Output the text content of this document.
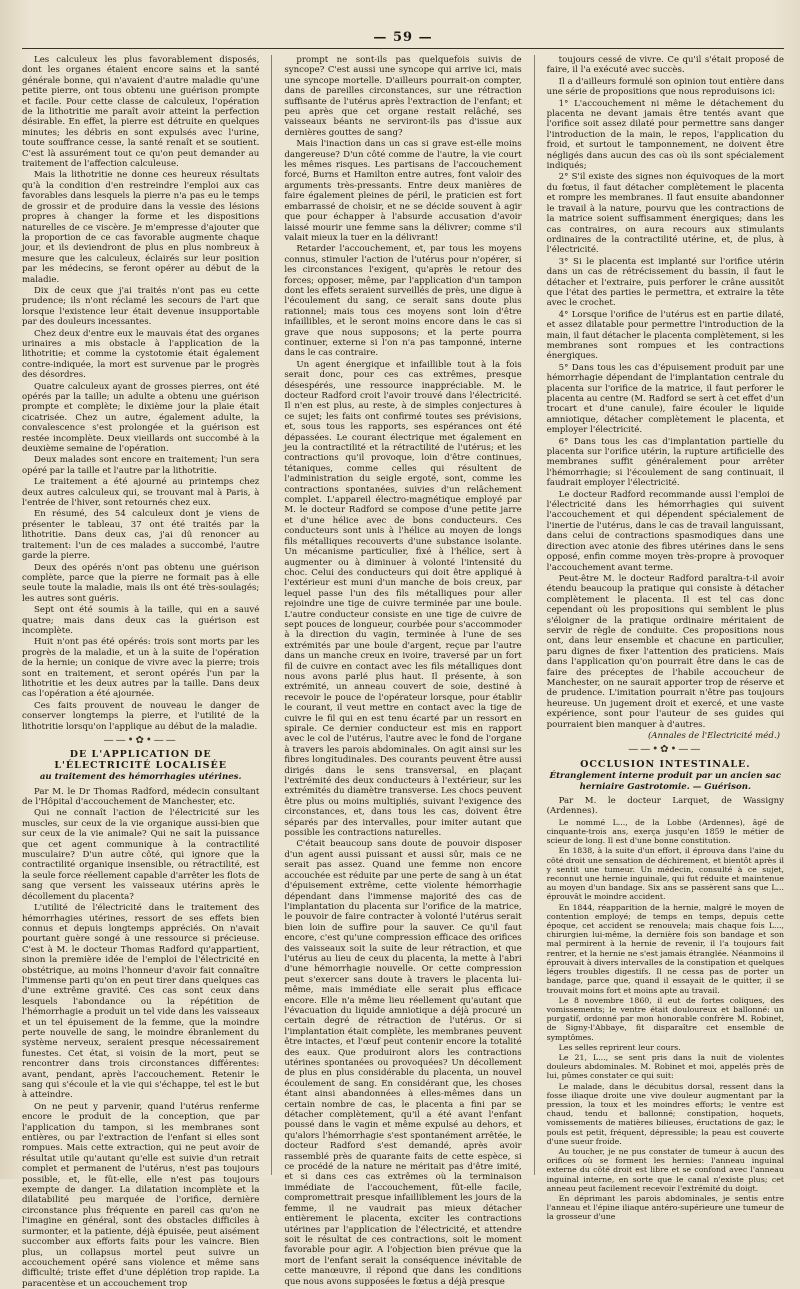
— 59 —

Les calculeux les plus favorablement disposés, dont les organes étaient encore sains et la santé générale bonne, qui n'avaient d'autre maladie qu'une petite pierre, ont tous obtenu une guérison prompte et facile. Pour cette classe de calculeux, l'opération de la lithotritie me paraît avoir atteint la perfection désirable. En effet, la pierre est détruite en quelques minutes; les débris en sont expulsés avec l'urine, toute souffrance cesse, la santé renaît et se soutient. C'est là assurément tout ce qu'on peut demander au traitement de l'affection calculeuse.

Mais la lithotritie ne donne ces heureux résultats qu'à la condition d'en restreindre l'emploi aux cas favorables dans lesquels la pierre n'a pas eu le temps de grossir et de produire dans la vessie des lésions propres à changer la forme et les dispositions naturelles de ce viscère. Je m'empresse d'ajouter que la proportion de ce cas favorable augmente chaque jour, et ils deviendront de plus en plus nombreux à mesure que les calculeux, éclairés sur leur position par les médecins, se feront opérer au début de la maladie.

Dix de ceux que j'ai traités n'ont pas eu cette prudence; ils n'ont réclamé les secours de l'art que lorsque l'existence leur était devenue insupportable par des douleurs incessantes.

Chez deux d'entre eux le mauvais état des organes urinaires a mis obstacle à l'application de la lithotritie; et comme la cystotomie était également contre-indiquée, la mort est survenue par le progrès des désordres.

Quatre calculeux ayant de grosses pierres, ont été opérés par la taille; un adulte a obtenu une guérison prompte et complète; le dixième jour la plaie était cicatrisée. Chez un autre, également adulte, la convalescence s'est prolongée et la guérison est restée incomplète. Deux vieillards ont succombé à la deuxième semaine de l'opération.

Deux malades sont encore en traitement; l'un sera opéré par la taille et l'autre par la lithotritie.

Le traitement a été ajourné au printemps chez deux autres calculeux qui, se trouvant mal à Paris, à l'entrée de l'hiver, sont retournés chez eux.

En résumé, des 54 calculeux dont je viens de présenter le tableau, 37 ont été traités par la lithotritie. Dans deux cas, j'ai dû renoncer au traitement: l'un de ces malades a succombé, l'autre garde la pierre.

Deux des opérés n'ont pas obtenu une guérison complète, parce que la pierre ne formait pas à elle seule toute la maladie, mais ils ont été très-soulagés; les autres sont guéris.

Sept ont été soumis à la taille, qui en a sauvé quatre; mais dans deux cas la guérison est incomplète.

Huit n'ont pas été opérés: trois sont morts par les progrès de la maladie, et un à la suite de l'opération de la hernie; un conique de vivre avec la pierre; trois sont en traitement, et seront opérés l'un par la lithotritie et les deux autres par la taille. Dans deux cas l'opération a été ajournée.

Ces faits prouvent de nouveau le danger de conserver longtemps la pierre, et l'utilité de la lithotritie lorsqu'on l'applique au début de la maladie.

——•✿•——
DE L'APPLICATION DE L'ÉLECTRICITÉ LOCALISÉE
au traitement des hémorrhagies utérines.

Par M. le Dr Thomas Radford, médecin consultant de l'Hôpital d'accouchement de Manchester, etc.

Qui ne connaît l'action de l'électricité sur les muscles, sur ceux de la vie organique aussi-bien que sur ceux de la vie animale? Qui ne sait la puissance que cet agent communique à la contractilité musculaire? D'un autre côté, qui ignore que la contractilité organique insensible, ou rétractilité, est la seule force réellement capable d'arrêter les flots de sang que versent les vaisseaux utérins après le décollement du placenta?

L'utilité de l'électricité dans le traitement des hémorrhagies utérines, ressort de ses effets bien connus et depuis longtemps appréciés. On n'avait pourtant guère songé à une ressource si précieuse. C'est à M. le docteur Thomas Radford qu'appartient, sinon la première idée de l'emploi de l'électricité en obstétrique, au moins l'honneur d'avoir fait connaître l'immense parti qu'on en peut tirer dans quelques cas d'une extrême gravité. Ces cas sont ceux dans lesquels l'abondance ou la répétition de l'hémorrhagie a produit un tel vide dans les vaisseaux et un tel épuisement de la femme, que la moindre perte nouvelle de sang, le moindre ébranlement du système nerveux, seraient presque nécessairement funestes. Cet état, si voisin de la mort, peut se rencontrer dans trois circonstances différentes: avant, pendant, après l'accouchement. Retenir le sang qui s'écoule et la vie qui s'échappe, tel est le but à atteindre.

On ne peut y parvenir, quand l'utérus renferme encore le produit de la conception, que par l'application du tampon, si les membranes sont entières, ou par l'extraction de l'enfant si elles sont rompues. Mais cette extraction, qui ne peut avoir de résultat utile qu'autant qu'elle est suivie d'un retrait complet et permanent de l'utérus, n'est pas toujours possible, et, le fût-elle, elle n'est pas toujours exempte de danger. La dilatation incomplète et la dilatabilité peu marquée de l'orifice, dernière circonstance plus fréquente en pareil cas qu'on ne l'imagine en général, sont des obstacles difficiles à surmonter, et la patiente, déjà épuisée, peut aisément succomber aux efforts faits pour les vaincre. Bien plus, un collapsus mortel peut suivre un accouchement opéré sans violence et même sans difficulté; triste effet d'une déplétion trop rapide. La paracentèse et un accouchement trop

prompt ne sont-ils pas quelquefois suivis de syncope? C'est aussi une syncope qui arrive ici, mais une syncope mortelle. D'ailleurs pourrait-on compter, dans de pareilles circonstances, sur une rétraction suffisante de l'utérus après l'extraction de l'enfant; et peu après que cet organe restait relâché, ses vaisseaux béants ne serviront-ils pas d'issue aux dernières gouttes de sang?

Mais l'inaction dans un cas si grave est-elle moins dangereuse? D'un côté comme de l'autre, la vie court les mêmes risques. Les partisans de l'accouchement forcé, Burns et Hamilton entre autres, font valoir des arguments très-pressants. Entre deux manières de faire également pleines de péril, le praticien est fort embarrassé de choisir, et ne se décide souvent à agir que pour échapper à l'absurde accusation d'avoir laissé mourir une femme sans la délivrer; comme s'il valait mieux la tuer en la délivrant!

Retarder l'accouchement, et, par tous les moyens connus, stimuler l'action de l'utérus pour n'opérer, si les circonstances l'exigent, qu'après le retour des forces; opposer, même, par l'application d'un tampon dont les effets seraient surveillés de près, une digue à l'écoulement du sang, ce serait sans doute plus rationnel; mais tous ces moyens sont loin d'être infaillibles, et le seront moins encore dans le cas si grave que nous supposons; et la perte pourra continuer, externe si l'on n'a pas tamponné, interne dans le cas contraire.

Un agent énergique et infaillible tout à la fois serait donc, pour ces cas extrêmes, presque désespérés, une ressource inappréciable. M. le docteur Radford croit l'avoir trouvé dans l'électricité. Il n'en est plus, au reste, à de simples conjectures à ce sujet; les faits ont confirmé toutes ses prévisions, et, sous tous les rapports, ses espérances ont été dépassées. Le courant électrique met également en jeu la contractilité et la rétractilité de l'utérus; et les contractions qu'il provoque, loin d'être continues, tétaniques, comme celles qui résultent de l'administration du seigle ergoté, sont, comme les contractions spontanées, suivies d'un relâchement complet. L'appareil électro-magnétique employé par M. le docteur Radford se compose d'une petite jarre et d'une hélice avec de bons conducteurs. Ces conducteurs sont unis à l'hélice au moyen de longs fils métalliques recouverts d'une substance isolante. Un mécanisme particulier, fixé à l'hélice, sert à augmenter ou à diminuer à volonté l'intensité du choc. Celui des conducteurs qui doit être appliqué à l'extérieur est muni d'un manche de bois creux, par lequel passe l'un des fils métalliques pour aller rejoindre une tige de cuivre terminée par une boule. L'autre conducteur consiste en une tige de cuivre de sept pouces de longueur, courbée pour s'accommoder à la direction du vagin, terminée à l'une de ses extrémités par une boule d'argent, reçue par l'autre dans un manche creux en ivoire, traversé par un fort fil de cuivre en contact avec les fils métalliques dont nous avons parlé plus haut. Il présente, à son extrémité, un anneau couvert de soie, destiné à recevoir le pouce de l'opérateur lorsque, pour établir le courant, il veut mettre en contact avec la tige de cuivre le fil qui en est tenu écarté par un ressort en spirale. Ce dernier conducteur est mis en rapport avec le col de l'utérus, l'autre avec le fond de l'organe à travers les parois abdominales. On agit ainsi sur les fibres longitudinales. Des courants peuvent être aussi dirigés dans le sens transversal, en plaçant l'extrémité des deux conducteurs à l'extérieur, sur les extrémités du diamètre transverse. Les chocs peuvent être plus ou moins multipliés, suivant l'exigence des circonstances, et, dans tous les cas, doivent être séparés par des intervalles, pour imiter autant que possible les contractions naturelles.

C'était beaucoup sans doute de pouvoir disposer d'un agent aussi puissant et aussi sûr, mais ce ne serait pas assez. Quand une femme non encore accouchée est réduite par une perte de sang à un état d'épuisement extrême, cette violente hémorrhagie dépendant dans l'immense majorité des cas de l'implantation du placenta sur l'orifice de la matrice, le pouvoir de faire contracter à volonté l'utérus serait bien loin de suffire pour la sauver. Ce qu'il faut encore, c'est qu'une compression efficace des orifices des vaisseaux soit la suite de leur rétraction, et que l'utérus au lieu de ceux du placenta, la mette à l'abri d'une hémorrhagie nouvelle. Or cette compression peut s'exercer sans doute à travers le placenta lui-même, mais immédiate elle serait plus efficace encore. Elle n'a même lieu réellement qu'autant que l'évacuation du liquide amniotique a déjà procuré un certain degré de rétraction de l'utérus. Or si l'implantation était complète, les membranes peuvent être intactes, et l'œuf peut contenir encore la totalité des eaux. Que produiront alors les contractions utérines spontanées ou provoquées? Un décollement de plus en plus considérable du placenta, un nouvel écoulement de sang. En considérant que, les choses étant ainsi abandonnées à elles-mêmes dans un certain nombre de cas, le placenta a fini par se détacher complètement, qu'il a été avant l'enfant poussé dans le vagin et même expulsé au dehors, et qu'alors l'hémorrhagie s'est spontanément arrêtée, le docteur Radford s'est demandé, après avoir rassemblé près de quarante faits de cette espèce, si ce procédé de la nature ne méritait pas d'être imité, et si dans ces cas extrêmes où la terminaison immédiate de l'accouchement, fût-elle facile, compromettrait presque infailliblement les jours de la femme, il ne vaudrait pas mieux détacher entièrement le placenta, exciter les contractions utérines par l'application de l'électricité, et attendre soit le résultat de ces contractions, soit le moment favorable pour agir. A l'objection bien prévue que la mort de l'enfant serait la conséquence inévitable de cette manœuvre, il répond que dans les conditions que nous avons supposées le fœtus a déjà presque

toujours cessé de vivre. Ce qu'il s'était proposé de faire, il l'a exécuté avec succès.

Il a d'ailleurs formulé son opinion tout entière dans une série de propositions que nous reproduisons ici:

1° L'accouchement ni même le détachement du placenta ne devant jamais être tentés avant que l'orifice soit assez dilaté pour permettre sans danger l'introduction de la main, le repos, l'application du froid, et surtout le tamponnement, ne doivent être négligés dans aucun des cas où ils sont spécialement indiqués;

2° S'il existe des signes non équivoques de la mort du fœtus, il faut détacher complètement le placenta et rompre les membranes. Il faut ensuite abandonner le travail à la nature, pourvu que les contractions de la matrice soient suffisamment énergiques; dans les cas contraires, on aura recours aux stimulants ordinaires de la contractilité utérine, et, de plus, à l'électricité.

3° Si le placenta est implanté sur l'orifice utérin dans un cas de rétrécissement du bassin, il faut le détacher et l'extraire, puis perforer le crâne aussitôt que l'état des parties le permettra, et extraire la tête avec le crochet.

4° Lorsque l'orifice de l'utérus est en partie dilaté, et assez dilatable pour permettre l'introduction de la main, il faut détacher le placenta complètement, si les membranes sont rompues et les contractions énergiques.

5° Dans tous les cas d'épuisement produit par une hémorrhagie dépendant de l'implantation centrale du placenta sur l'orifice de la matrice, il faut perforer le placenta au centre (M. Radford se sert à cet effet d'un trocart et d'une canule), faire écouler le liquide amniotique, détacher complètement le placenta, et employer l'électricité.

6° Dans tous les cas d'implantation partielle du placenta sur l'orifice utérin, la rupture artificielle des membranes suffit généralement pour arrêter l'hémorrhagie; si l'écoulement de sang continuait, il faudrait employer l'électricité.

Le docteur Radford recommande aussi l'emploi de l'électricité dans les hémorrhagies qui suivent l'accouchement et qui dépendent spécialement de l'inertie de l'utérus, dans le cas de travail languissant, dans celui de contractions spasmodiques dans une direction avec atonie des fibres utérines dans le sens opposé, enfin comme moyen très-propre à provoquer l'accouchement avant terme.

Peut-être M. le docteur Radford paraîtra-t-il avoir étendu beaucoup la pratique qui consiste à détacher complètement le placenta. Il est tel cas donc cependant où les propositions qui semblent le plus s'éloigner de la pratique ordinaire méritaient de servir de règle de conduite. Ces propositions nous ont, dans leur ensemble et chacune en particulier, paru dignes de fixer l'attention des praticiens. Mais dans l'application qu'on pourrait être dans le cas de faire des préceptes de l'habile accoucheur de Manchester, on ne saurait apporter trop de réserve et de prudence. L'imitation pourrait n'être pas toujours heureuse. Un jugement droit et exercé, et une vaste expérience, sont pour l'auteur de ses guides qui pourraient bien manquer à d'autres.

(Annales de l'Electricité méd.)
——•✿•——
OCCLUSION INTESTINALE.
Étranglement interne produit par un ancien sac herniaire Gastrotomie. — Guérison.

Par M. le docteur Larquet, de Wassigny (Ardennes).

Le nommé L..., de la Lobbe (Ardennes), âgé de cinquante-trois ans, exerça jusqu'en 1859 le métier de scieur de long. Il est d'une bonne constitution.

En 1838, à la suite d'un effort, il éprouva dans l'aine du côté droit une sensation de déchirement, et bientôt après il y sentit une tumeur. Un médecin, consulté à ce sujet, reconnut une hernie inguinale, qui fut réduite et maintenue au moyen d'un bandage. Six ans se passèrent sans que L... éprouvât le moindre accident.

En 1844, réapparition de la hernie, malgré le moyen de contention employé; de temps en temps, depuis cette époque, cet accident se renouvela; mais chaque fois L..., chirurgien lui-même, la dernière fois son bandage et son mal permirent à la hernie de revenir, il l'a toujours fait rentrer, et la hernie ne s'est jamais étranglée. Néanmoins il éprouvait à divers intervalles de la constipation et quelques légers troubles digestifs. Il ne cessa pas de porter un bandage, parce que, quand il essayait de le quitter, il se trouvait moins fort et moins apte au travail.

Le 8 novembre 1860, il eut de fortes coliques, des vomissements; le ventre était douloureux et ballonné: un purgatif, ordonné par mon honorable confrère M. Robinet, de Signy-l'Abbaye, fit disparaître cet ensemble de symptômes.

Les selles reprirent leur cours.

Le 21, L..., se sent pris dans la nuit de violentes douleurs abdominales. M. Robinet et moi, appelés près de lui, pûmes constater ce qui suit:

Le malade, dans le décubitus dorsal, ressent dans la fosse iliaque droite une vive douleur augmentant par la pression, la toux et les moindres efforts; le ventre est chaud, tendu et ballonné; constipation, hoquets, vomissements de matières bilieuses, éructations de gaz; le pouls est petit, fréquent, dépressible; la peau est couverte d'une sueur froide.

Au toucher, je ne pus constater de tumeur à aucun des orifices où se forment les hernies: l'anneau inguinal externe du côté droit est libre et se confond avec l'anneau inguinal interne, en sorte que le canal n'existe plus; cet anneau peut facilement recevoir l'extrémité du doigt.

En déprimant les parois abdominales, je sentis entre l'anneau et l'épine iliaque antéro-supérieure une tumeur de la grosseur d'une
